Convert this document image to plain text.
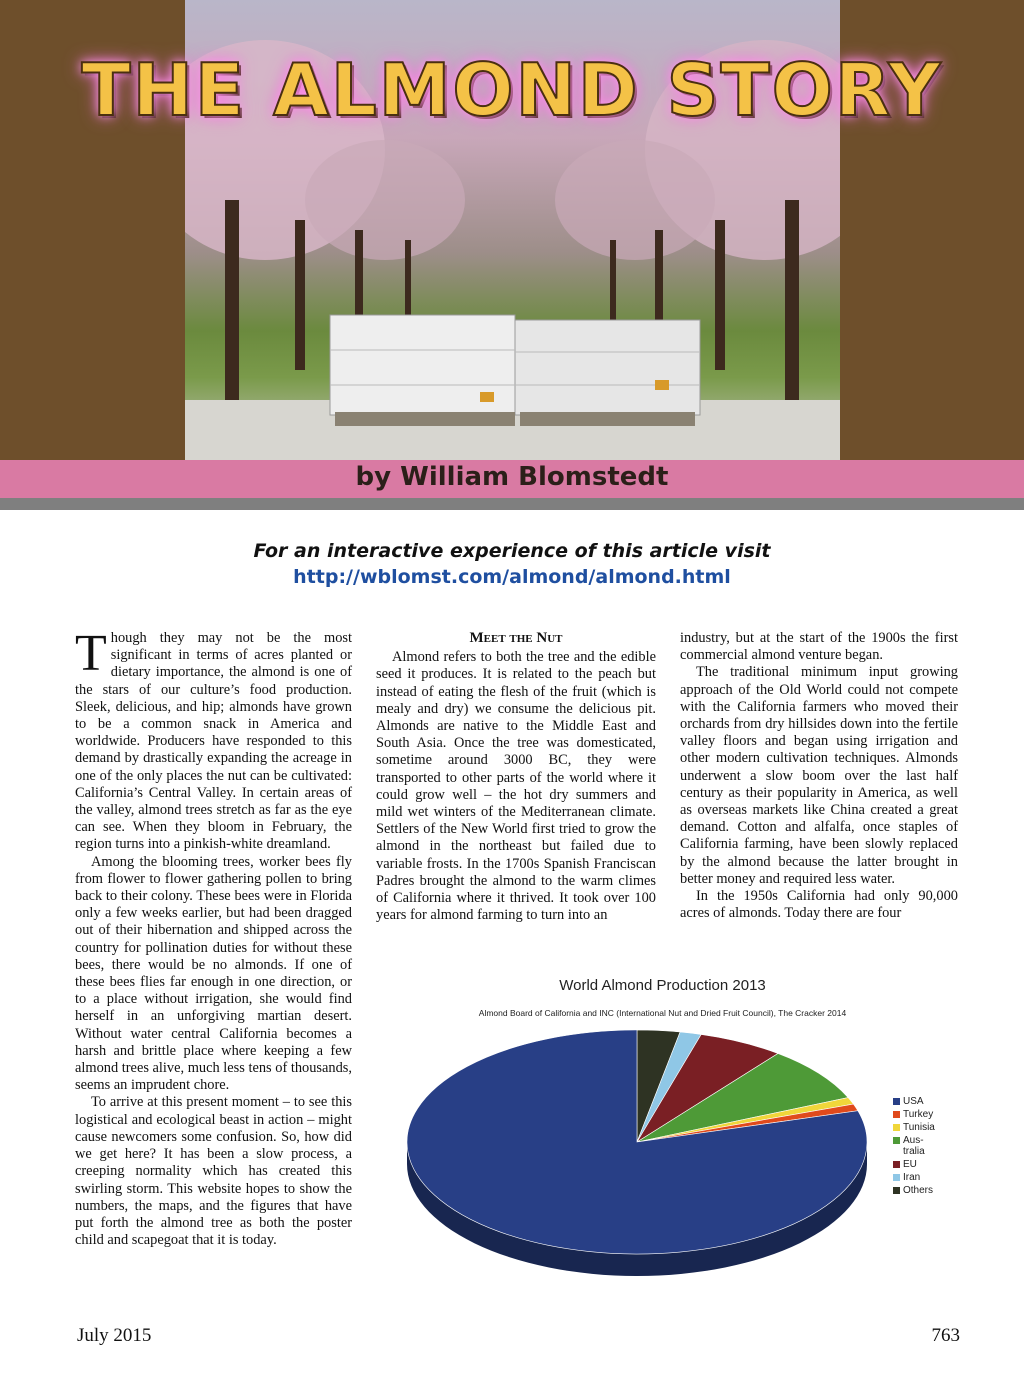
THE ALMOND STORY
by William Blomstedt
For an interactive experience of this article visit
http://wblomst.com/almond/almond.html

Though they may not be the most significant in terms of acres planted or dietary importance, the almond is one of the stars of our culture’s food production. Sleek, delicious, and hip; almonds have grown to be a common snack in America and worldwide. Producers have responded to this demand by drastically expanding the acreage in one of the only places the nut can be cultivated: California’s Central Valley. In certain areas of the valley, almond trees stretch as far as the eye can see. When they bloom in February, the region turns into a pinkish-white dreamland.

Among the blooming trees, worker bees fly from flower to flower gathering pollen to bring back to their colony. These bees were in Florida only a few weeks earlier, but had been dragged out of their hibernation and shipped across the country for pollination duties for without these bees, there would be no almonds. If one of these bees flies far enough in one direction, or to a place without irrigation, she would find herself in an unforgiving martian desert. Without water central California becomes a harsh and brittle place where keeping a few almond trees alive, much less tens of thousands, seems an imprudent chore.

To arrive at this present moment – to see this logistical and ecological beast in action – might cause newcomers some confusion. So, how did we get here? It has been a slow process, a creeping normality which has created this swirling storm. This website hopes to show the numbers, the maps, and the figures that have put forth the almond tree as both the poster child and scapegoat that it is today.

Meet the Nut

Almond refers to both the tree and the edible seed it produces. It is related to the peach but instead of eating the flesh of the fruit (which is mealy and dry) we consume the delicious pit. Almonds are native to the Middle East and South Asia. Once the tree was domesticated, sometime around 3000 BC, they were transported to other parts of the world where it could grow well – the hot dry summers and mild wet winters of the Mediterranean climate. Settlers of the New World first tried to grow the almond in the northeast but failed due to variable frosts. In the 1700s Spanish Franciscan Padres brought the almond to the warm climes of California where it thrived. It took over 100 years for almond farming to turn into an

industry, but at the start of the 1900s the first commercial almond venture began.

The traditional minimum input growing approach of the Old World could not compete with the California farmers who moved their orchards from dry hillsides down into the fertile valley floors and began using irrigation and other modern cultivation techniques. Almonds underwent a slow boom over the last half century as their popularity in America, as well as overseas markets like China created a great demand. Cotton and alfalfa, once staples of California farming, have been slowly replaced by the almond because the latter brought in better money and required less water.

In the 1950s California had only 90,000 acres of almonds. Today there are four

World Almond Production 2013
Almond Board of California and INC (International Nut and Dried Fruit Council), The Cracker 2014
USA
Turkey
Tunisia
Aus-
tralia
EU
Iran
Others
July 2015	763
